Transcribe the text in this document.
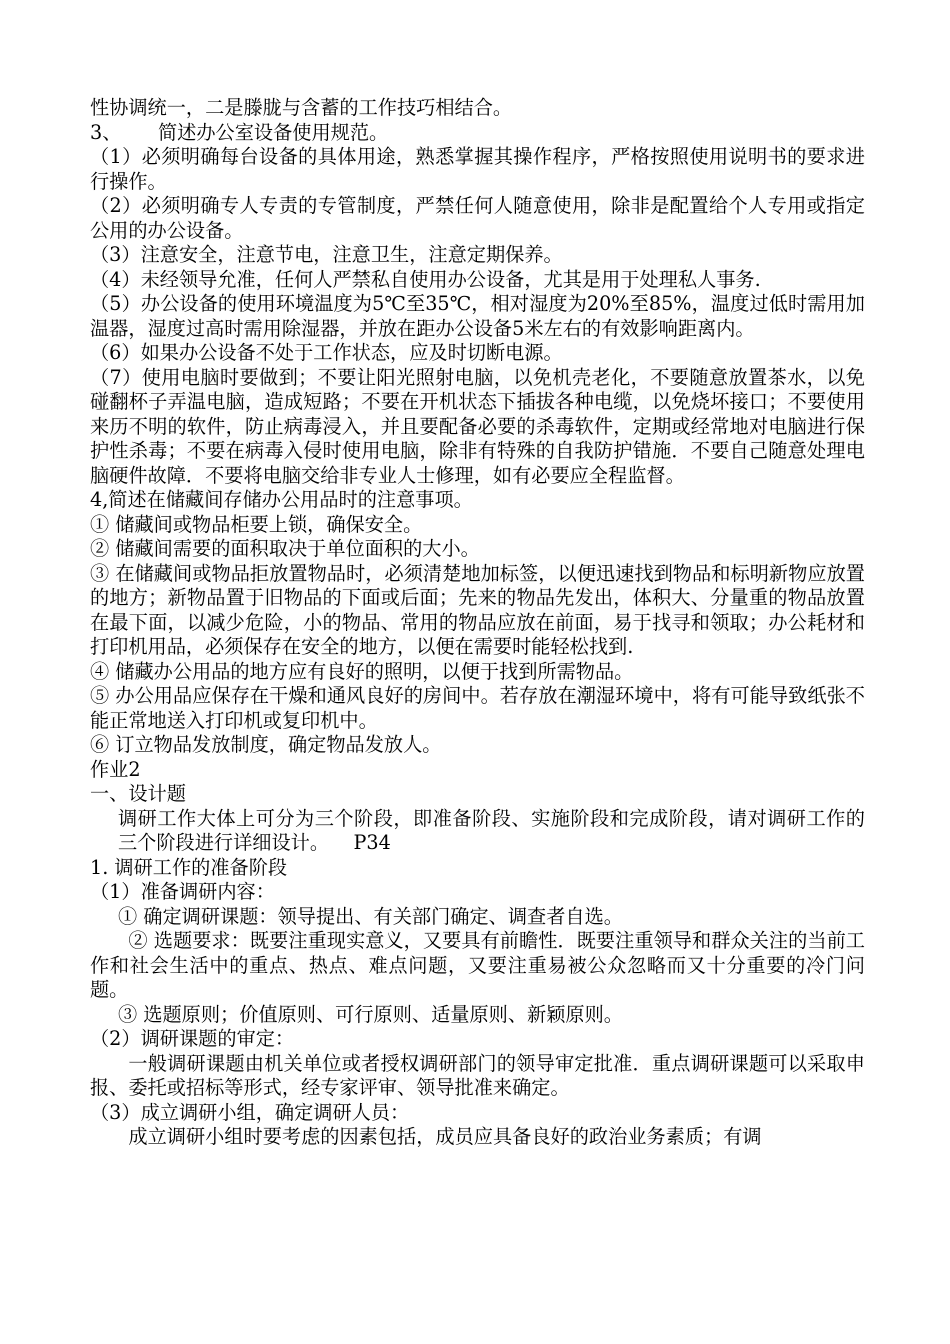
性协调统一，二是滕胧与含蓄的工作技巧相结合。

3、      简述办公室设备使用规范。

（1）必须明确每台设备的具体用途，熟悉掌握其操作程序，严格按照使用说明书的要求进行操作。

（2）必须明确专人专责的专管制度，严禁任何人随意使用，除非是配置给个人专用或指定公用的办公设备。

（3）注意安全，注意节电，注意卫生，注意定期保养。

（4）未经领导允准，任何人严禁私自使用办公设备，尤其是用于处理私人事务.

（5）办公设备的使用环境温度为5℃至35℃，相对湿度为20%至85%，温度过低时需用加温器，湿度过高时需用除湿器，并放在距办公设备5米左右的有效影响距离内。

（6）如果办公设备不处于工作状态，应及时切断电源。

（7）使用电脑时要做到；不要让阳光照射电脑，以免机壳老化，不要随意放置茶水，以免碰翻杯子弄温电脑，造成短路；不要在开机状态下插拔各种电缆，以免烧坏接口；不要使用来历不明的软件，防止病毒浸入，并且要配备必要的杀毒软件，定期或经常地对电脑进行保护性杀毒；不要在病毒入侵时使用电脑，除非有特殊的自我防护错施．不要自己随意处理电脑硬件故障．不要将电脑交给非专业人士修理，如有必要应全程监督。

4,简述在储藏间存储办公用品时的注意事项。

① 储藏间或物品柜要上锁，确保安全。

② 储藏间需要的面积取决于单位面积的大小。

③ 在储藏间或物品拒放置物品时，必须清楚地加标签，以便迅速找到物品和标明新物应放置的地方；新物品置于旧物品的下面或后面；先来的物品先发出，体积大、分量重的物品放置在最下面，以减少危险，小的物品、常用的物品应放在前面，易于找寻和领取；办公耗材和打印机用品，必须保存在安全的地方，以便在需要时能轻松找到.

④ 储藏办公用品的地方应有良好的照明，以便于找到所需物品。

⑤ 办公用品应保存在干燥和通风良好的房间中。若存放在潮湿环境中，将有可能导致纸张不能正常地送入打印机或复印机中。

⑥ 订立物品发放制度，确定物品发放人。

作业2

一、设计题

调研工作大体上可分为三个阶段，即准备阶段、实施阶段和完成阶段，请对调研工作的三个阶段进行详细设计。    P34

1. 调研工作的准备阶段

（1）准备调研内容：

① 确定调研课题：领导提出、有关部门确定、调查者自选。

② 选题要求：既要注重现实意义，又要具有前瞻性．既要注重领导和群众关注的当前工作和社会生活中的重点、热点、难点问题，又要注重易被公众忽略而又十分重要的冷门问题。

③ 选题原则；价值原则、可行原则、适量原则、新颖原则。

（2）调研课题的审定：

一般调研课题由机关单位或者授权调研部门的领导审定批准．重点调研课题可以采取申报、委托或招标等形式，经专家评审、领导批准来确定。

（3）成立调研小组，确定调研人员：

成立调研小组时要考虑的因素包括，成员应具备良好的政治业务素质；有调
